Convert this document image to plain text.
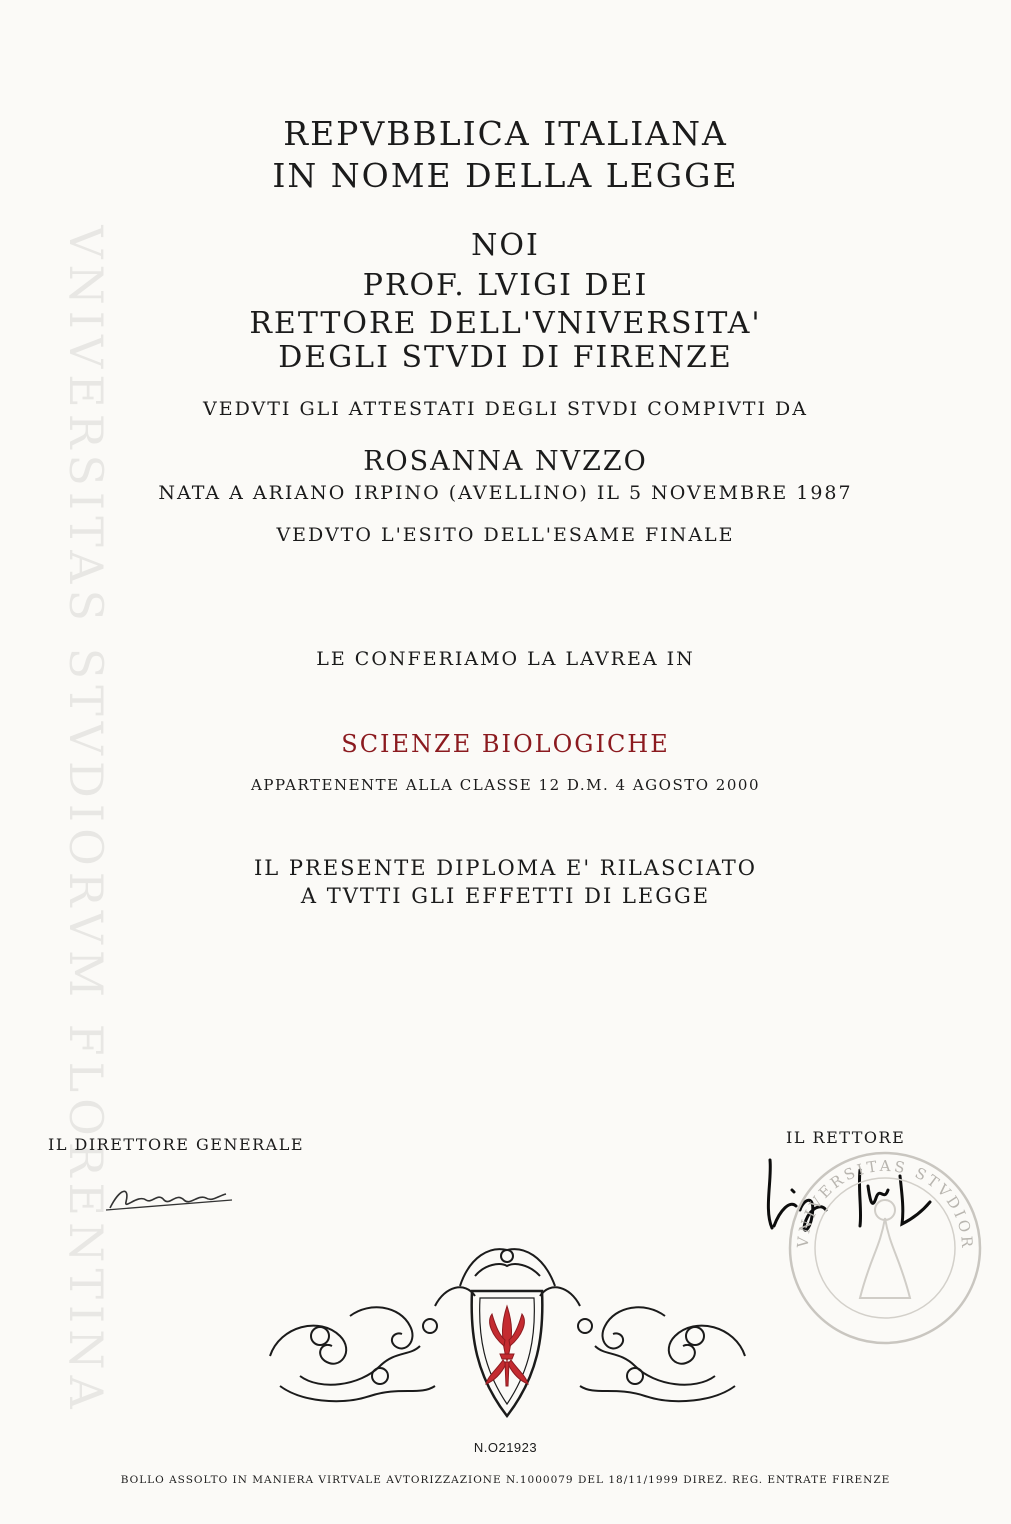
VNIVERSITAS STVDIORVM FLORENTINA
REPVBBLICA ITALIANA
IN NOME DELLA LEGGE
NOI
PROF. LVIGI DEI
RETTORE DELL'VNIVERSITA'
DEGLI STVDI DI FIRENZE
VEDVTI GLI ATTESTATI DEGLI STVDI COMPIVTI DA
ROSANNA NVZZO
NATA A ARIANO IRPINO (AVELLINO) IL 5 NOVEMBRE 1987
VEDVTO L'ESITO DELL'ESAME FINALE
LE CONFERIAMO LA LAVREA IN
SCIENZE BIOLOGICHE
APPARTENENTE ALLA CLASSE 12 D.M. 4 AGOSTO 2000
IL PRESENTE DIPLOMA E' RILASCIATO
A TVTTI GLI EFFETTI DI LEGGE
IL DIRETTORE GENERALE	IL RETTORE
VNIVERSITAS STVDIORVM FLORENTINA
N.O21923
BOLLO ASSOLTO IN MANIERA VIRTVALE AVTORIZZAZIONE N.1000079 DEL 18/11/1999 DIREZ. REG. ENTRATE FIRENZE
